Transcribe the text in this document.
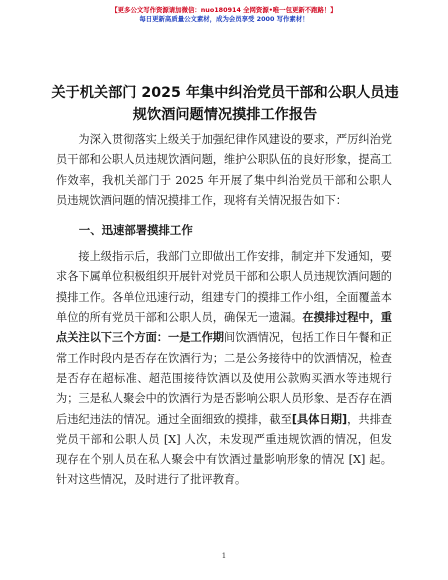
【更多公文写作资源请加微信：nuo180914 全网资源•唯一包更新不跑路！】
每日更新高质量公文素材，成为会员享受 2000 写作素材！
关于机关部门 2025 年集中纠治党员干部和公职人员违规饮酒问题情况摸排工作报告

为深入贯彻落实上级关于加强纪律作风建设的要求，严厉纠治党员干部和公职人员违规饮酒问题，维护公职队伍的良好形象，提高工作效率，我机关部门于 2025 年开展了集中纠治党员干部和公职人员违规饮酒问题的情况摸排工作，现将有关情况报告如下：

一、迅速部署摸排工作

接上级指示后，我部门立即做出工作安排，制定并下发通知，要求各下属单位积极组织开展针对党员干部和公职人员违规饮酒问题的摸排工作。各单位迅速行动，组建专门的摸排工作小组，全面覆盖本单位的所有党员干部和公职人员，确保无一遗漏。在摸排过程中，重点关注以下三个方面：一是工作期间饮酒情况，包括工作日午餐和正常工作时段内是否存在饮酒行为；二是公务接待中的饮酒情况，检查是否存在超标准、超范围接待饮酒以及使用公款购买酒水等违规行为；三是私人聚会中的饮酒行为是否影响公职人员形象、是否存在酒后违纪违法的情况。通过全面细致的摸排，截至[具体日期]，共排查党员干部和公职人员 [X] 人次，未发现严重违规饮酒的情况，但发现存在个别人员在私人聚会中有饮酒过量影响形象的情况 [X] 起。针对这些情况，及时进行了批评教育。

1
